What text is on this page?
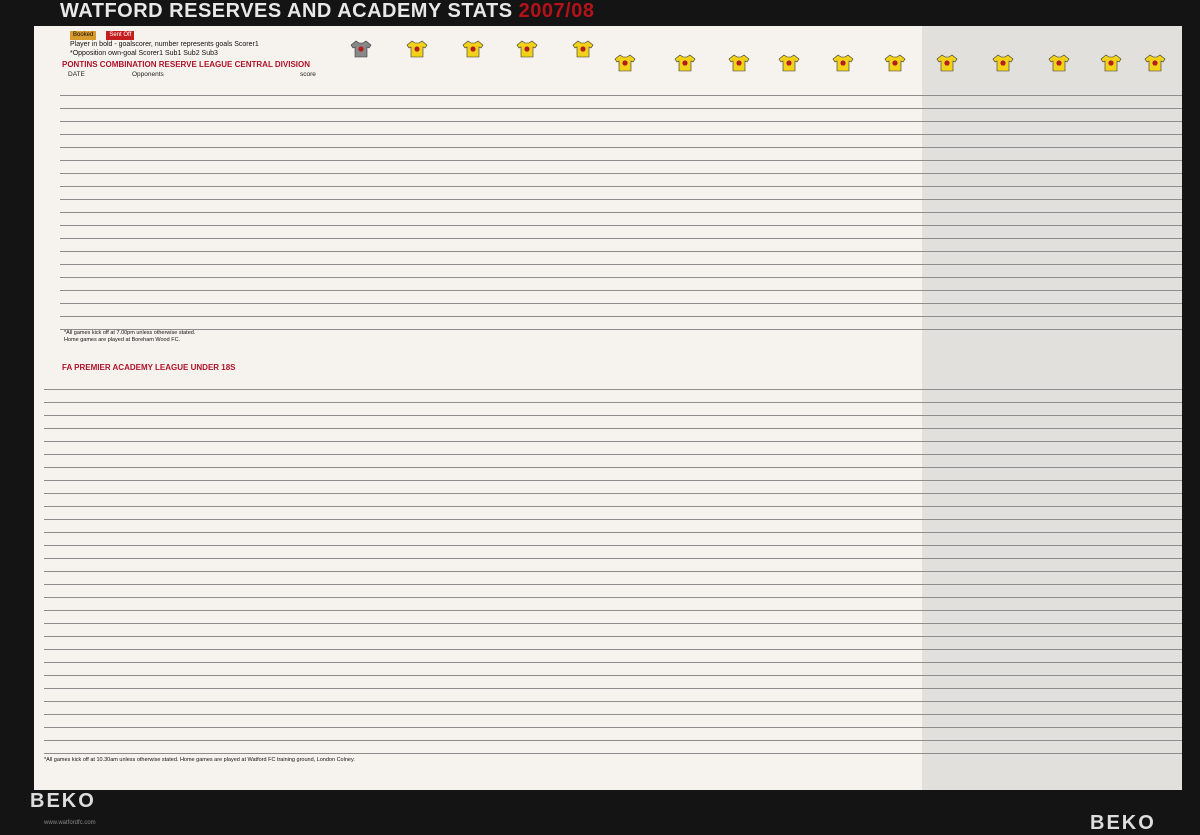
WATFORD RESERVES AND ACADEMY STATS 2007/08
Booked	Sent Off
Player in bold - goalscorer, number represents goals Scorer1
*Opposition own-goal Scorer1 Sub1 Sub2 Sub3
PONTINS COMBINATION RESERVE LEAGUE CENTRAL DIVISION
DATE	Opponents	score
*All games kick off at 7.00pm unless otherwise stated.
Home games are played at Boreham Wood FC.
FA PREMIER ACADEMY LEAGUE UNDER 18S
*All games kick off at 10.30am unless otherwise stated. Home games are played at Watford FC training ground, London Colney.
BEKO
BEKO
www.watfordfc.com
